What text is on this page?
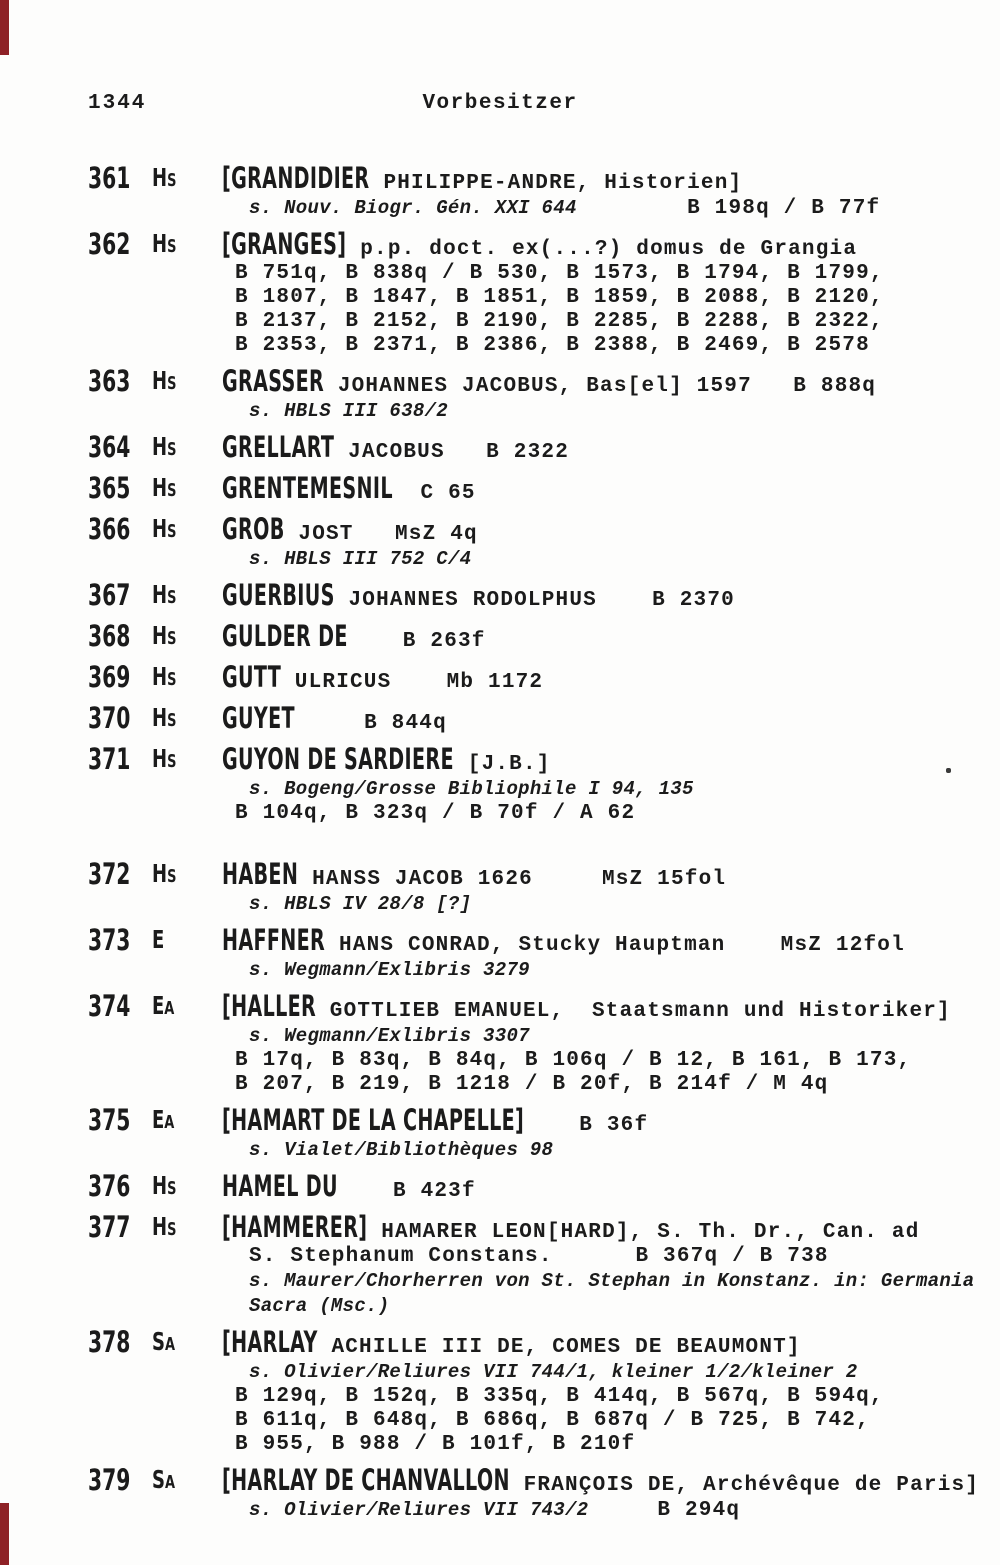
1344	Vorbesitzer
361 Hs [GRANDIDIER PHILIPPE-ANDRE, Historien]
s. Nouv. Biogr. Gén. XXI 644        B 198q / B 77f
362 Hs [GRANGES] p.p. doct. ex(...?) domus de Grangia
B 751q, B 838q / B 530, B 1573, B 1794, B 1799,
B 1807, B 1847, B 1851, B 1859, B 2088, B 2120,
B 2137, B 2152, B 2190, B 2285, B 2288, B 2322,
B 2353, B 2371, B 2386, B 2388, B 2469, B 2578
363 Hs GRASSER JOHANNES JACOBUS, Bas[el] 1597   B 888q
s. HBLS III 638/2
364 Hs GRELLART JACOBUS   B 2322
365 Hs GRENTEMESNIL  C 65
366 Hs GROB JOST   MsZ 4q
s. HBLS III 752 C/4
367 Hs GUERBIUS JOHANNES RODOLPHUS    B 2370
368 Hs GULDER DE    B 263f
369 Hs GUTT ULRICUS    Mb 1172
370 Hs GUYET     B 844q
371 Hs GUYON DE SARDIERE [J.B.]
s. Bogeng/Grosse Bibliophile I 94, 135
B 104q, B 323q / B 70f / A 62
372 Hs HABEN HANSS JACOB 1626     MsZ 15fol
s. HBLS IV 28/8 [?]
373 E HAFFNER HANS CONRAD, Stucky Hauptman    MsZ 12fol
s. Wegmann/Exlibris 3279
374 Ea [HALLER GOTTLIEB EMANUEL,  Staatsmann und Historiker]
s. Wegmann/Exlibris 3307
B 17q, B 83q, B 84q, B 106q / B 12, B 161, B 173,
B 207, B 219, B 1218 / B 20f, B 214f / M 4q
375 Ea [HAMART DE LA CHAPELLE]    B 36f
s. Vialet/Bibliothèques 98
376 Hs HAMEL DU    B 423f
377 Hs [HAMMERER] HAMARER LEON[HARD], S. Th. Dr., Can. ad
S. Stephanum Constans.      B 367q / B 738
s. Maurer/Chorherren von St. Stephan in Konstanz. in: Germania
Sacra (Msc.)
378 Sa [HARLAY ACHILLE III DE, COMES DE BEAUMONT]
s. Olivier/Reliures VII 744/1, kleiner 1/2/kleiner 2
B 129q, B 152q, B 335q, B 414q, B 567q, B 594q,
B 611q, B 648q, B 686q, B 687q / B 725, B 742,
B 955, B 988 / B 101f, B 210f
379 Sa [HARLAY DE CHANVALLON FRANÇOIS DE, Archévêque de Paris]
s. Olivier/Reliures VII 743/2     B 294q
